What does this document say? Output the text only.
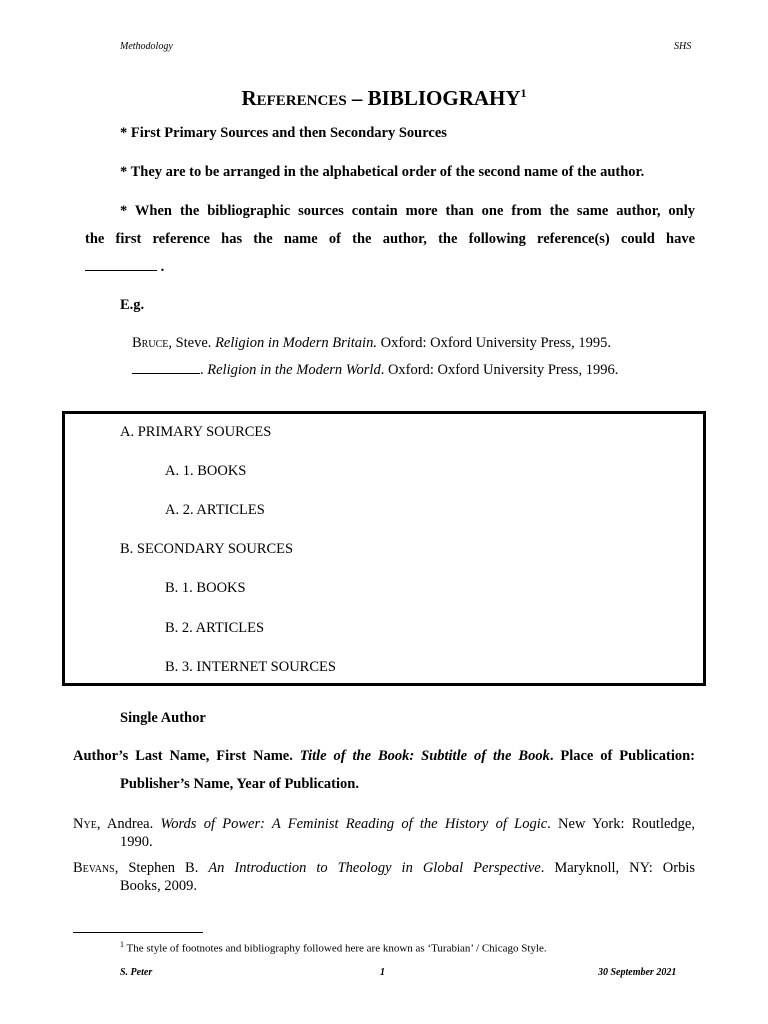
Methodology	SHS
References – BIBLIOGRAHY$^1$
* First Primary Sources and then Secondary Sources
* They are to be arranged in the alphabetical order of the second name of the author.
* When the bibliographic sources contain more than one from the same author, only
the first reference has the name of the author, the following reference(s) could have
.
E.g.
Bruce, Steve. Religion in Modern Britain. Oxford: Oxford University Press, 1995.
. Religion in the Modern World. Oxford: Oxford University Press, 1996.
A. PRIMARY SOURCES
A. 1. BOOKS
A. 2. ARTICLES
B. SECONDARY SOURCES
B. 1. BOOKS
B. 2. ARTICLES
B. 3. INTERNET SOURCES
Single Author
Author’s Last Name, First Name. Title of the Book: Subtitle of the Book. Place of Publication:
Publisher’s Name, Year of Publication.
Nye, Andrea. Words of Power: A Feminist Reading of the History of Logic. New York: Routledge,
1990.
Bevans, Stephen B. An Introduction to Theology in Global Perspective. Maryknoll, NY: Orbis
Books, 2009.
$^1$ The style of footnotes and bibliography followed here are known as ‘Turabian’ / Chicago Style.
S. Peter	1	30 September 2021
